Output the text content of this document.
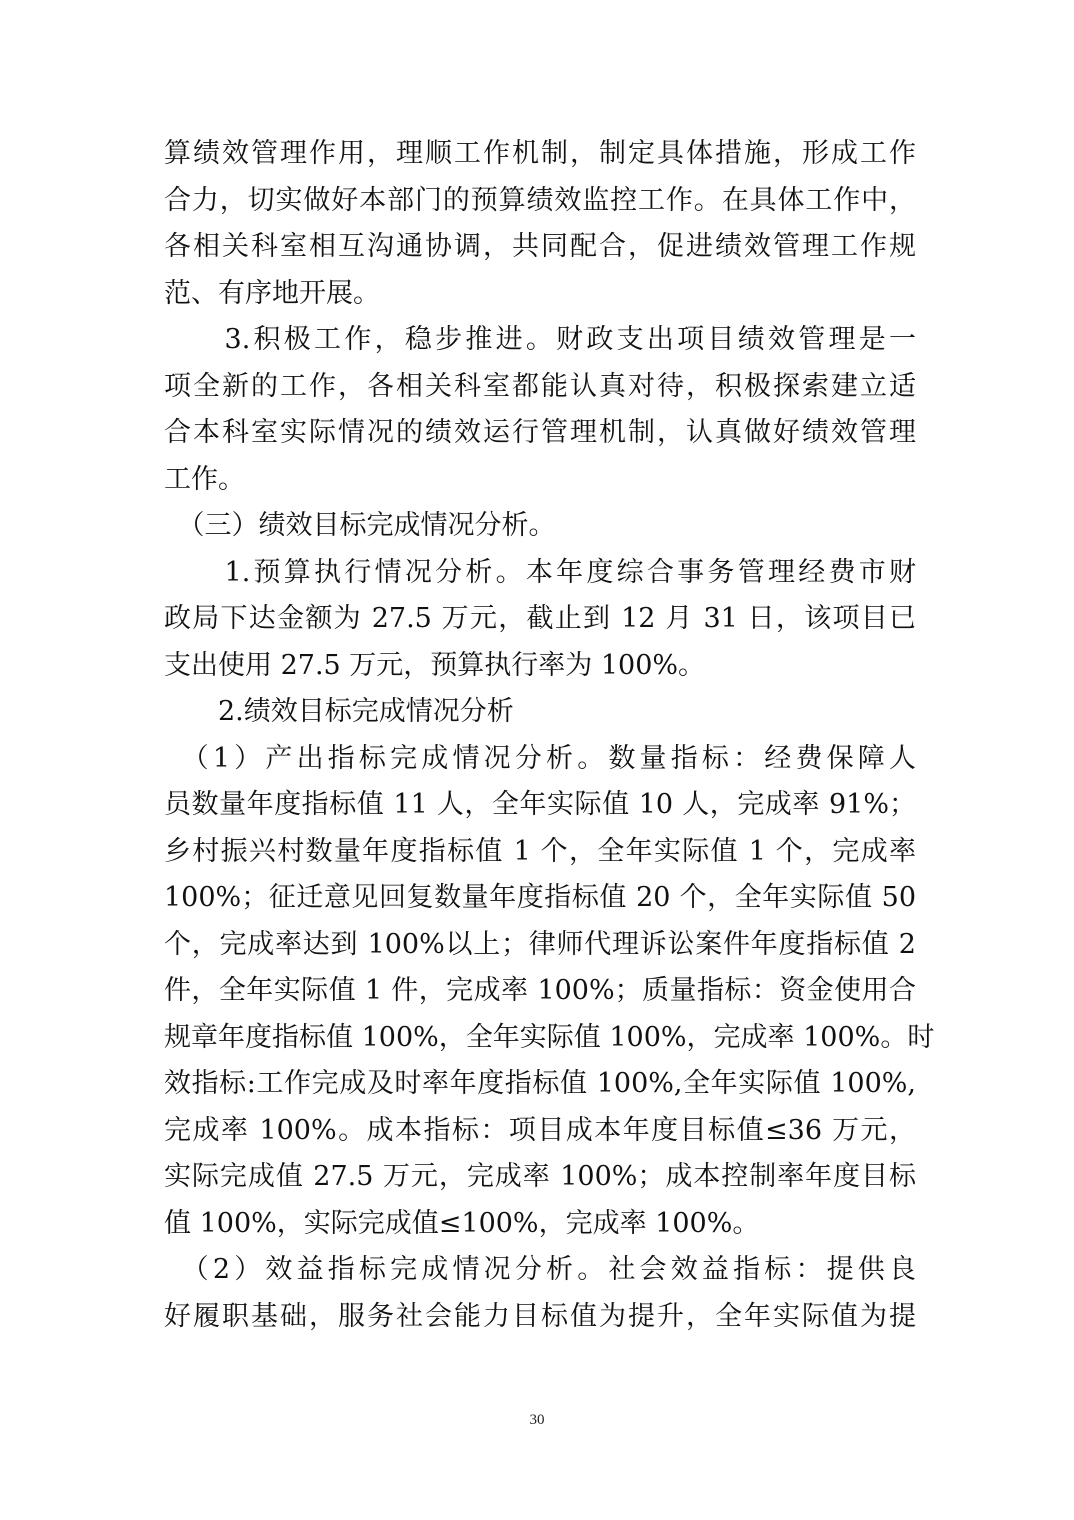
算绩效管理作用，理顺工作机制，制定具体措施，形成工作
合力，切实做好本部门的预算绩效监控工作。在具体工作中，
各相关科室相互沟通协调，共同配合，促进绩效管理工作规
范、有序地开展。
　　3.积极工作，稳步推进。财政支出项目绩效管理是一
项全新的工作，各相关科室都能认真对待，积极探索建立适
合本科室实际情况的绩效运行管理机制，认真做好绩效管理
工作。
　（三）绩效目标完成情况分析。
　　1.预算执行情况分析。本年度综合事务管理经费市财
政局下达金额为 27.5 万元，截止到 12 月 31 日，该项目已
支出使用 27.5 万元，预算执行率为 100%。
　　2.绩效目标完成情况分析
　（1）产出指标完成情况分析。数量指标：经费保障人
员数量年度指标值 11 人，全年实际值 10 人，完成率 91%；
乡村振兴村数量年度指标值 1 个，全年实际值 1 个，完成率
100%；征迁意见回复数量年度指标值 20 个，全年实际值 50
个，完成率达到 100%以上；律师代理诉讼案件年度指标值 2
件，全年实际值 1 件，完成率 100%；质量指标：资金使用合
规章年度指标值 100%，全年实际值 100%，完成率 100%。时
效指标:工作完成及时率年度指标值 100%,全年实际值 100%,
完成率 100%。成本指标：项目成本年度目标值≤36 万元，
实际完成值 27.5 万元，完成率 100%；成本控制率年度目标
值 100%，实际完成值≤100%，完成率 100%。
　（2）效益指标完成情况分析。社会效益指标：提供良
好履职基础，服务社会能力目标值为提升，全年实际值为提
30
